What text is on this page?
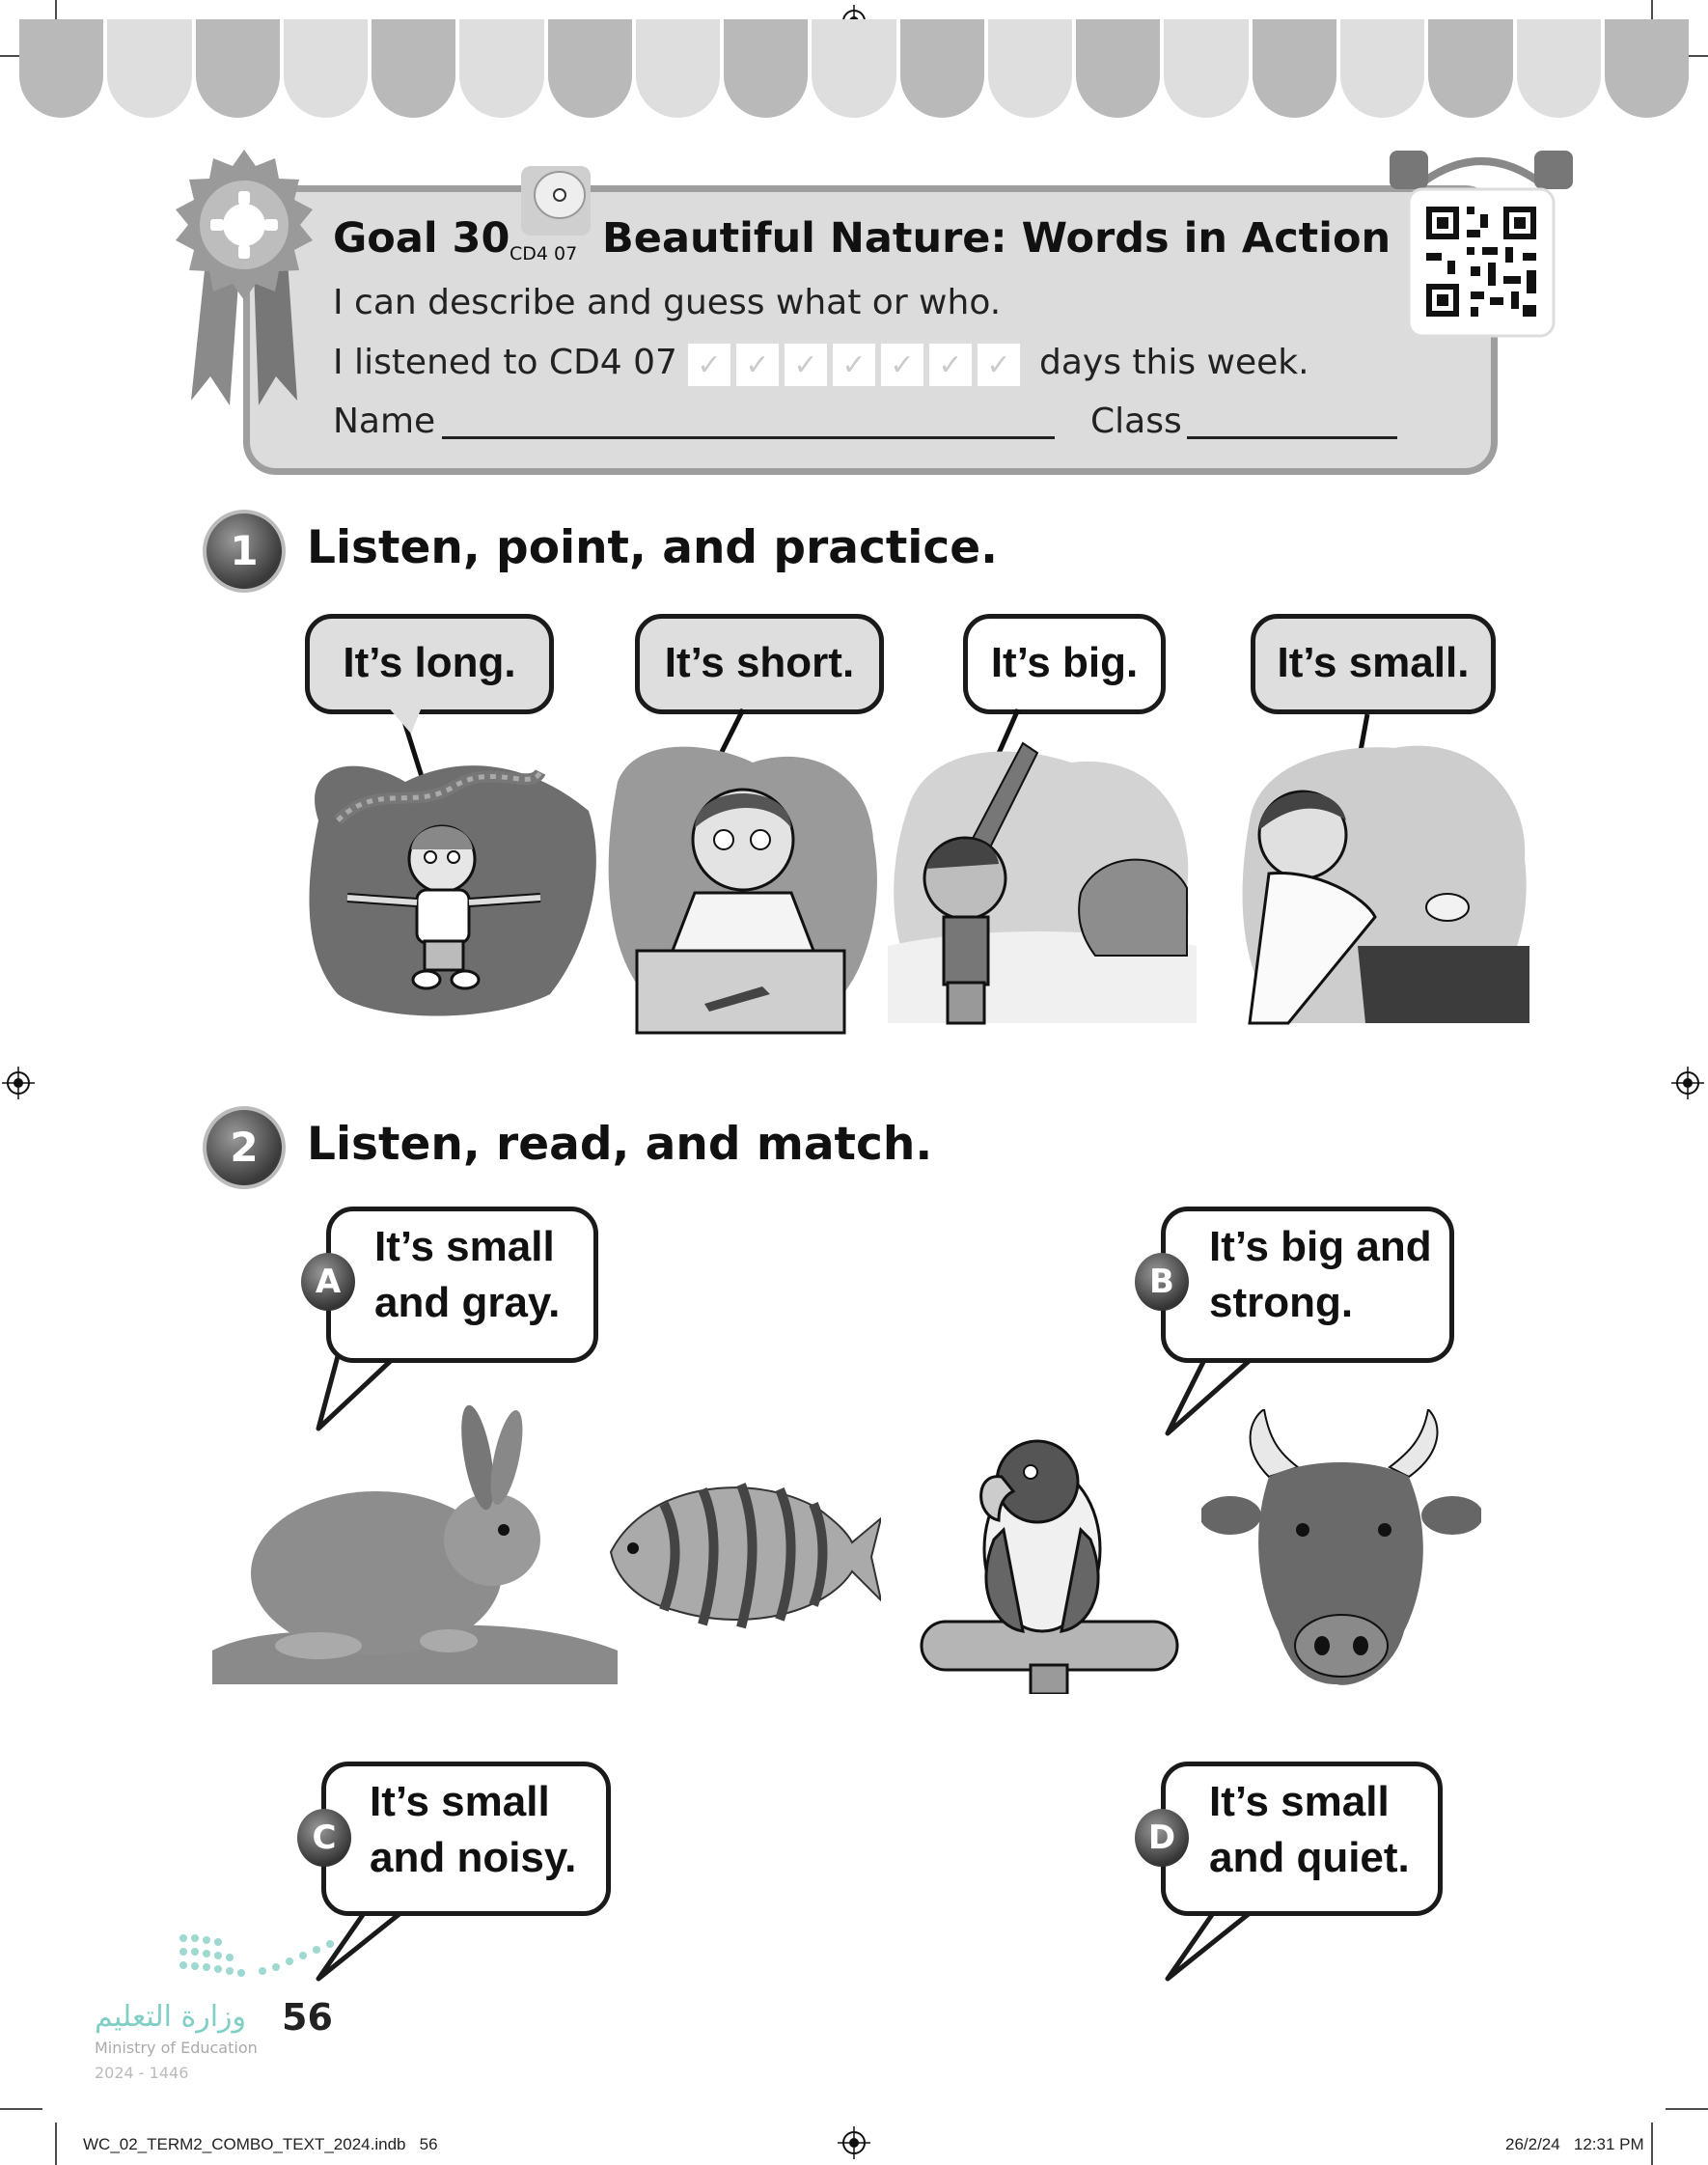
Goal 30 CD4 07 Beautiful Nature: Words in Action
I can describe and guess what or who.
I listened to CD4 07 ✓ ✓ ✓ ✓ ✓ ✓ ✓ days this week.
Name	Class
1	Listen, point, and practice.
It’s long.	It’s short.	It’s big.	It’s small.
2	Listen, read, and match.
It’s small
and gray.
A
It’s big and
strong.
B
It’s small
and noisy.
C
It’s small
and quiet.
D
وزارة التعليم
Ministry of Education
2024 - 1446
56
WC_02_TERM2_COMBO_TEXT_2024.indb   56	26/2/24   12:31 PM
